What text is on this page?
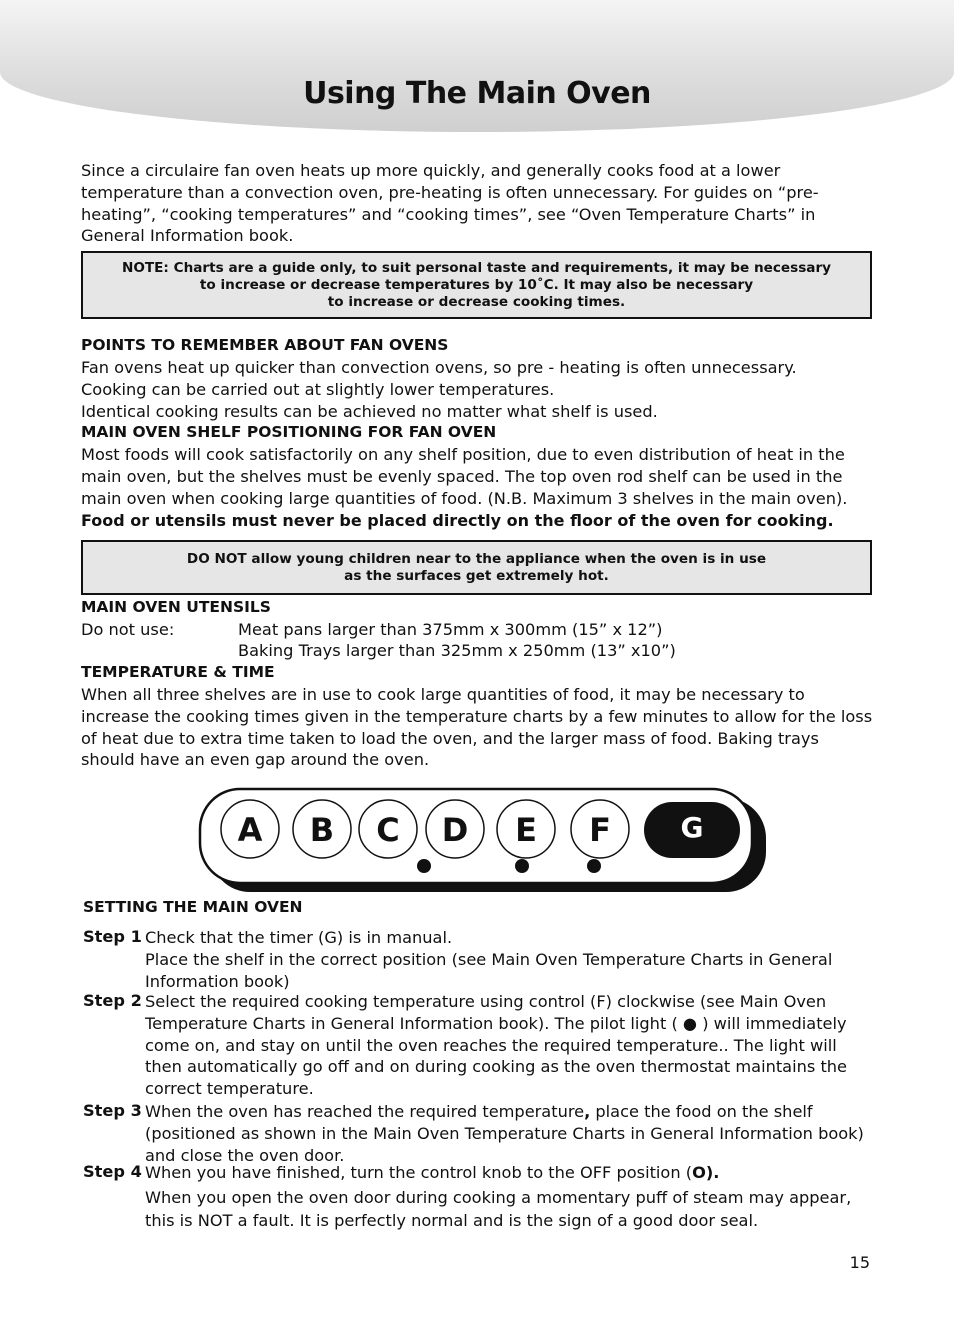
Using The Main Oven

Since a circulaire fan oven heats up more quickly, and generally cooks food at a lower temperature than a convection oven, pre-heating is often unnecessary. For guides on “pre-heating”, “cooking temperatures” and “cooking times”, see “Oven Temperature Charts” in General Information book.

NOTE: Charts are a guide only, to suit personal taste and requirements, it may be necessary
to increase or decrease temperatures by 10˚C. It may also be necessary
to increase or decrease cooking times.
POINTS TO REMEMBER ABOUT FAN OVENS
Fan ovens heat up quicker than convection ovens, so pre - heating is often unnecessary.
Cooking can be carried out at slightly lower temperatures.
Identical cooking results can be achieved no matter what shelf is used.
MAIN OVEN SHELF POSITIONING FOR FAN OVEN

Most foods will cook satisfactorily on any shelf position, due to even distribution of heat in the main oven, but the shelves must be evenly spaced. The top oven rod shelf can be used in the main oven when cooking large quantities of food. (N.B. Maximum 3 shelves in the main oven).

Food or utensils must never be placed directly on the floor of the oven for cooking.
DO NOT allow young children near to the appliance when the oven is in use
as the surfaces get extremely hot.
MAIN OVEN UTENSILS
Do not use:	Meat pans larger than 375mm x 300mm (15” x 12”)
Baking Trays larger than 325mm x 250mm (13” x10”)
TEMPERATURE & TIME

When all three shelves are in use to cook large quantities of food, it may be necessary to increase the cooking times given in the temperature charts by a few minutes to allow for the loss of heat due to extra time taken to load the oven, and the larger mass of food. Baking trays should have an even gap around the oven.

A B C D E F G
SETTING THE MAIN OVEN
Step 1 Check that the timer (G) is in manual.

Place the shelf in the correct position (see Main Oven Temperature Charts in General Information book)

Step 2 Select the required cooking temperature using control (F) clockwise (see Main Oven Temperature Charts in General Information book). The pilot light ( ● ) will immediately come on, and stay on until the oven reaches the required temperature.. The light will then automatically go off and on during cooking as the oven thermostat maintains the correct temperature.

Step 3 When the oven has reached the required temperature, place the food on the shelf (positioned as shown in the Main Oven Temperature Charts in General Information book) and close the oven door.

Step 4 When you have finished, turn the control knob to the OFF position (O).

When you open the oven door during cooking a momentary puff of steam may appear, this is NOT a fault. It is perfectly normal and is the sign of a good door seal.

15
